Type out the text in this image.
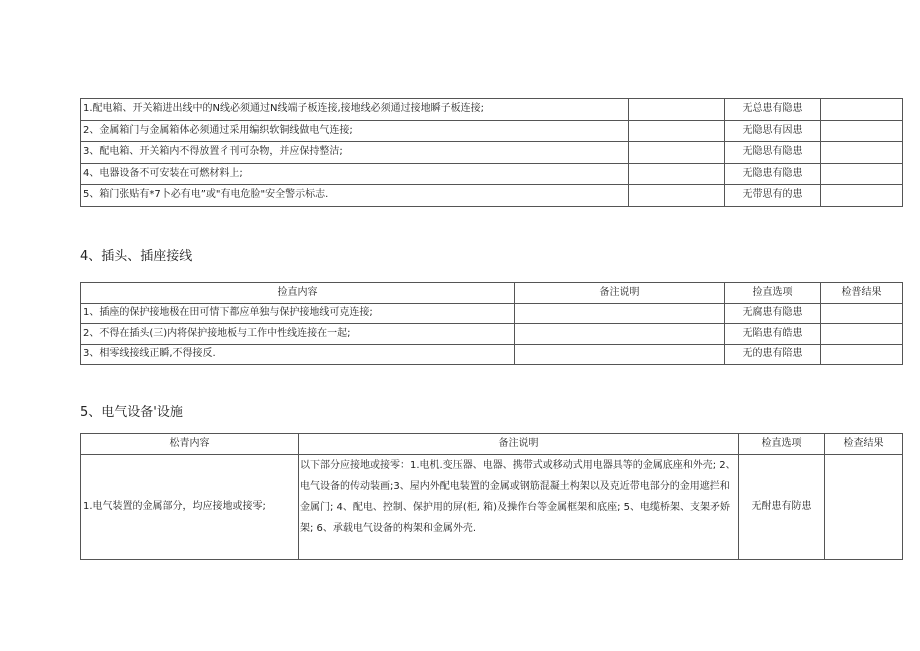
1.配电箱、开关箱进出线中的N线必须通过N线端子板连接,接地线必须通过接地瞬子板连接;		无总患有隐患	
2、金属箱门与金属箱体必须通过采用编织软铜线做电气连接;		无隐思有因患	
3、配电箱、开关箱内不得放置彳刊可杂物，并应保持整洁;		无隐思有隐患	
4、电器设备不可安装在可燃材料上;		无隐患有隐患	
5、箱门张贴有*7卜必有电”或"有电危脸"安全警示标志.		无带思有的患	
4、插头、插座接线
捡直内容	备注说明	捡直选项	检普结果
1、插座的保护接地极在田可情下都应单独与保护接地线可克连接;		无腐患有隐患	
2、不得在插头(三)内将保护接地板与工作中性线连接在一起;		无陷患有皓患	
3、相零线接线正瞬,不得接反.		无的患有陪患	
5、电气设备'设施
松青内容	备注说明	检直选项	检查结果
1.电气装置的金属部分，均应接地或接零;	以下部分应接地或接零：1.电机.变压器、电器、携带式或移动式用电器具等的金属底座和外壳; 2、电气设备的传动装画;3、屋内外配电装置的金属或钢筋混凝土构架以及克近带电部分的金用遮拦和金属门; 4、配电、控制、保护用的屏(柜, 箱)及操作台等金属框架和底座; 5、电缆桥架、支架矛娇架; 6、承载电气设备的构架和金属外壳.	无酎患有防患	
